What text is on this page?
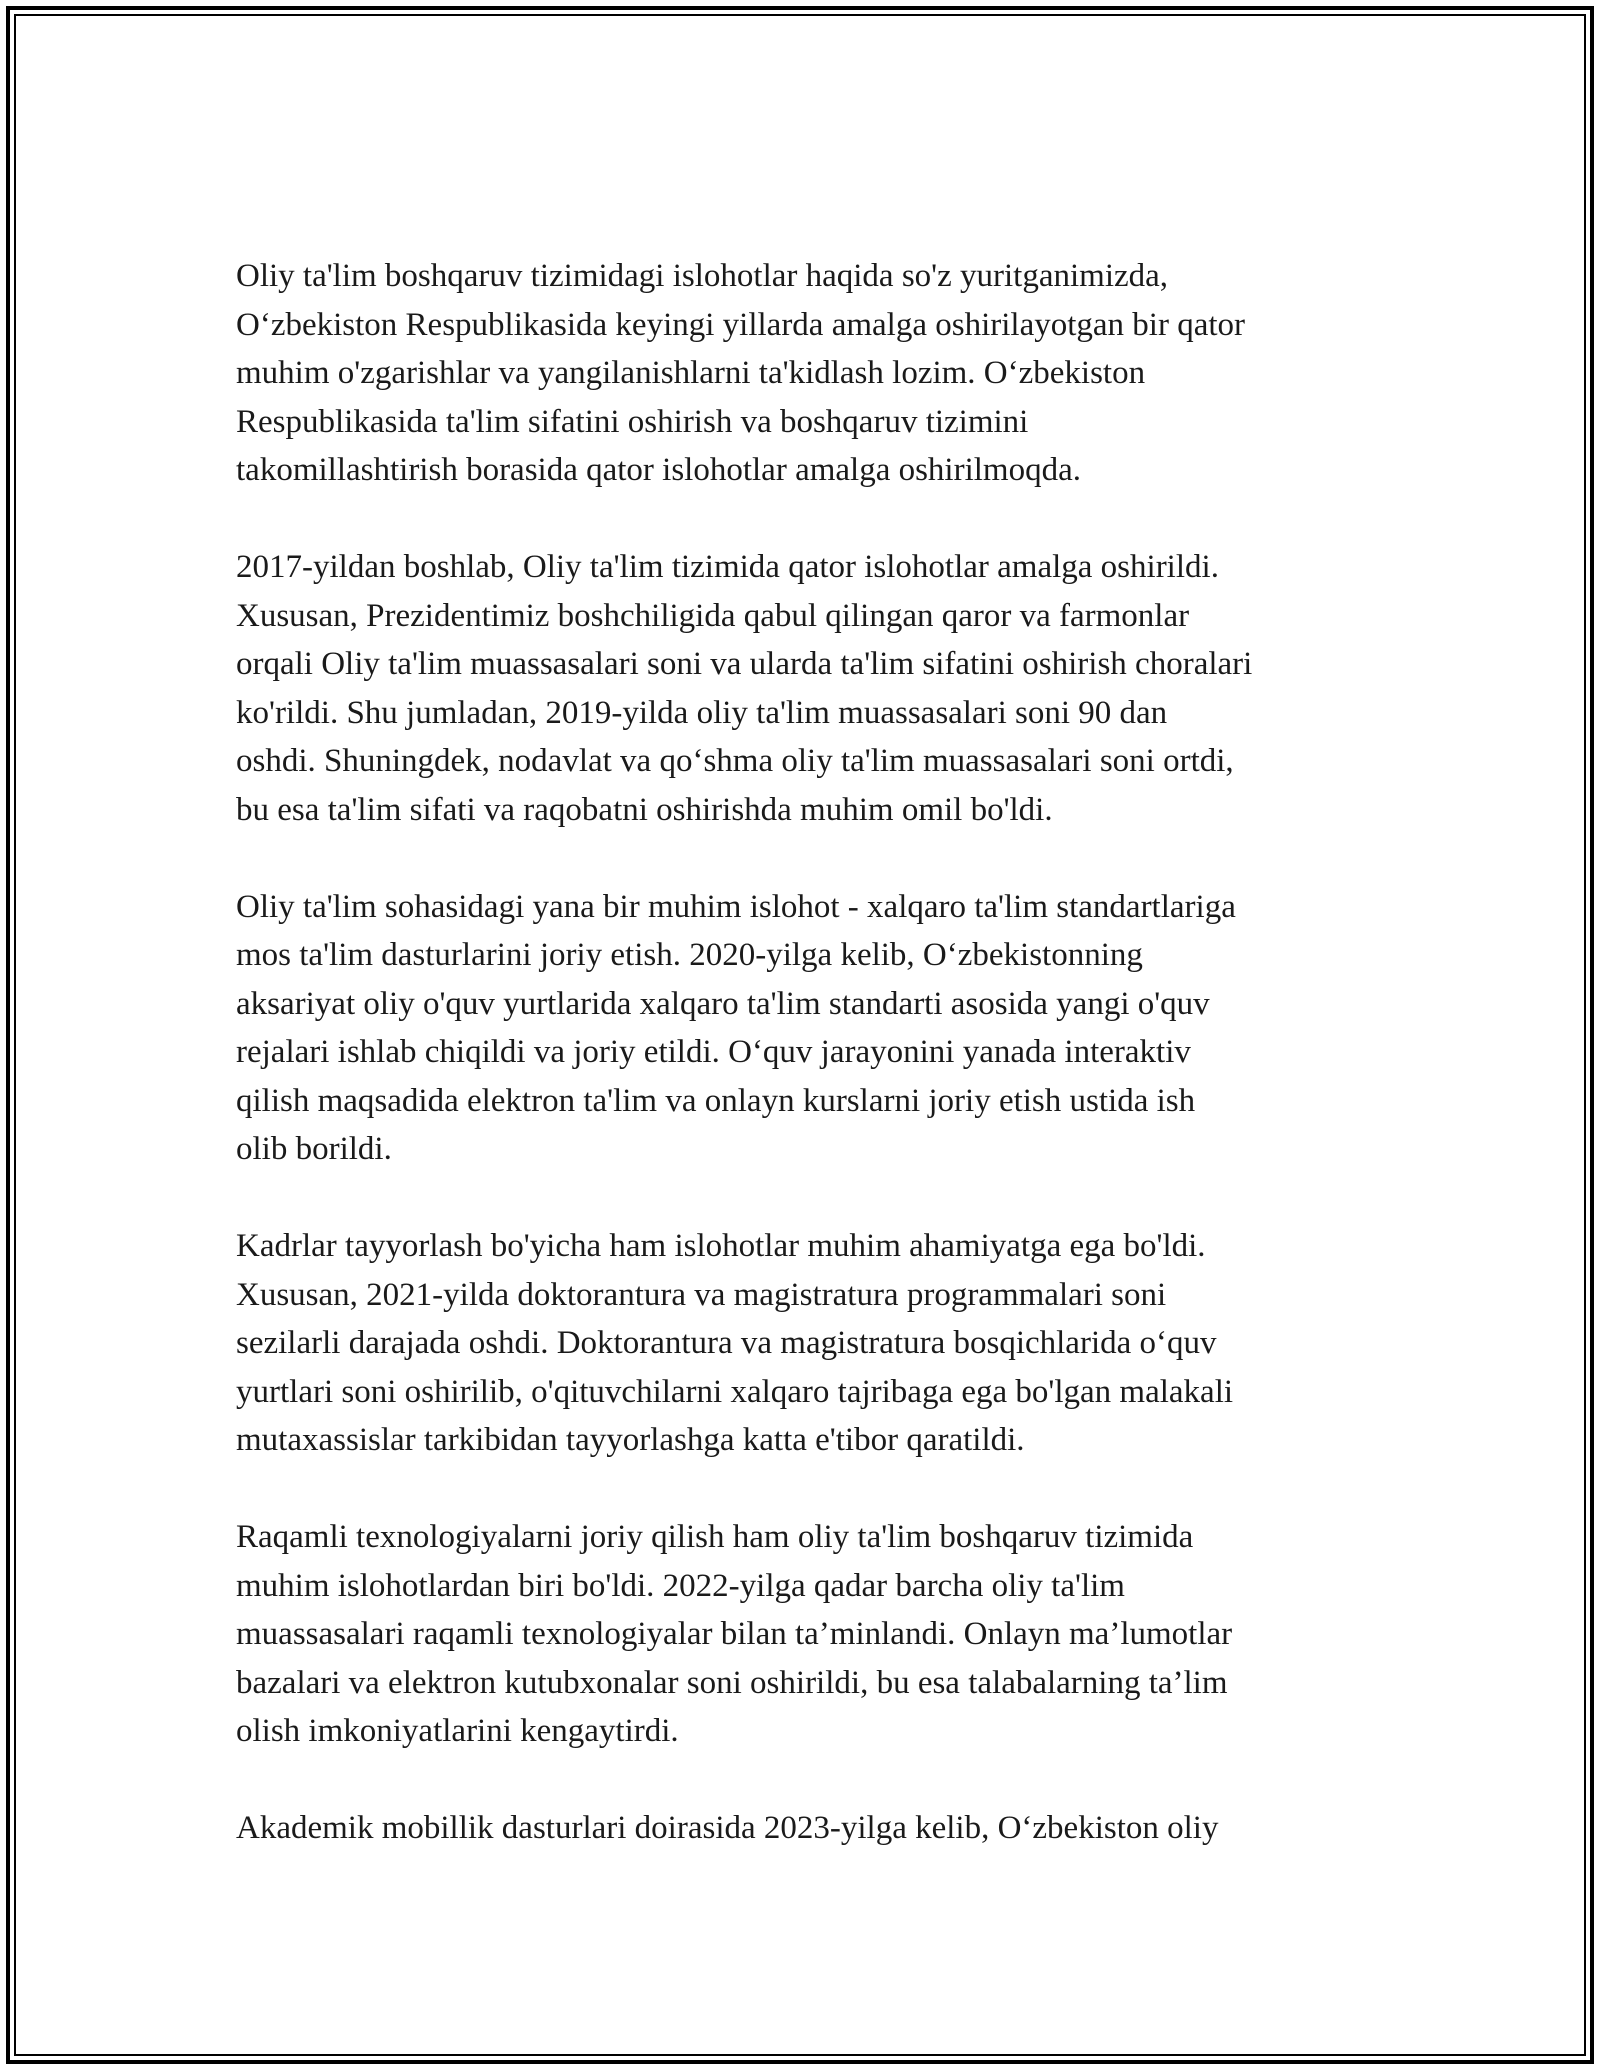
Oliy ta'lim boshqaruv tizimidagi islohotlar haqida so'z yuritganimizda,
O‘zbekiston Respublikasida keyingi yillarda amalga oshirilayotgan bir qator
muhim o'zgarishlar va yangilanishlarni ta'kidlash lozim. O‘zbekiston
Respublikasida ta'lim sifatini oshirish va boshqaruv tizimini
takomillashtirish borasida qator islohotlar amalga oshirilmoqda.

2017-yildan boshlab, Oliy ta'lim tizimida qator islohotlar amalga oshirildi.
Xususan, Prezidentimiz boshchiligida qabul qilingan qaror va farmonlar
orqali Oliy ta'lim muassasalari soni va ularda ta'lim sifatini oshirish choralari
ko'rildi. Shu jumladan, 2019-yilda oliy ta'lim muassasalari soni 90 dan
oshdi. Shuningdek, nodavlat va qo‘shma oliy ta'lim muassasalari soni ortdi,
bu esa ta'lim sifati va raqobatni oshirishda muhim omil bo'ldi.

Oliy ta'lim sohasidagi yana bir muhim islohot - xalqaro ta'lim standartlariga
mos ta'lim dasturlarini joriy etish. 2020-yilga kelib, O‘zbekistonning
aksariyat oliy o'quv yurtlarida xalqaro ta'lim standarti asosida yangi o'quv
rejalari ishlab chiqildi va joriy etildi. O‘quv jarayonini yanada interaktiv
qilish maqsadida elektron ta'lim va onlayn kurslarni joriy etish ustida ish
olib borildi.

Kadrlar tayyorlash bo'yicha ham islohotlar muhim ahamiyatga ega bo'ldi.
Xususan, 2021-yilda doktorantura va magistratura programmalari soni
sezilarli darajada oshdi. Doktorantura va magistratura bosqichlarida o‘quv
yurtlari soni oshirilib, o'qituvchilarni xalqaro tajribaga ega bo'lgan malakali
mutaxassislar tarkibidan tayyorlashga katta e'tibor qaratildi.

Raqamli texnologiyalarni joriy qilish ham oliy ta'lim boshqaruv tizimida
muhim islohotlardan biri bo'ldi. 2022-yilga qadar barcha oliy ta'lim
muassasalari raqamli texnologiyalar bilan ta’minlandi. Onlayn ma’lumotlar
bazalari va elektron kutubxonalar soni oshirildi, bu esa talabalarning ta’lim
olish imkoniyatlarini kengaytirdi.

Akademik mobillik dasturlari doirasida 2023-yilga kelib, O‘zbekiston oliy
